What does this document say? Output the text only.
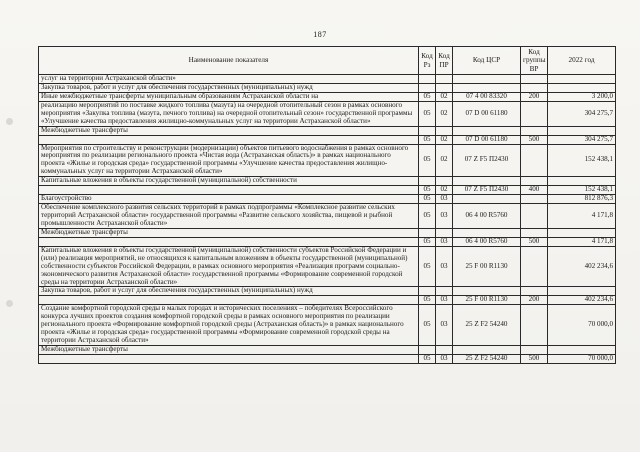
187
Наименование показателя	Код Рз	Код ПР	Код ЦСР	Код группы ВР	2022 год
услуг на территории Астраханской области»					
Закупка товаров, работ и услуг для обеспечения государственных (муниципальных) нужд					
Иные межбюджетные трансферты муниципальным образованиям Астраханской области на	05	02	07 4 00 83320	200	3 200,0
реализацию мероприятий по поставке жидкого топлива (мазута) на очередной отопительный сезон в рамках основного мероприятия «Закупка топлива (мазута, печного топлива) на очередной отопительный сезон» государственной программы «Улучшение качества предоставления жилищно-коммунальных услуг на территории Астраханской области»	05	02	07 D 00 61180		304 275,7
Межбюджетные трансферты					
	05	02	07 D 00 61180	500	304 275,7
Мероприятия по строительству и реконструкции (модернизации) объектов питьевого водоснабжения в рамках основного мероприятия по реализации регионального проекта «Чистая вода (Астраханская область)» в рамках национального проекта «Жилье и городская среда» государственной программы «Улучшение качества предоставления жилищно-коммунальных услуг на территории Астраханской области»	05	02	07 Z F5 П2430		152 438,1
Капитальные вложения в объекты государственной (муниципальной) собственности					
	05	02	07 Z F5 П2430	400	152 438,1
Благоустройство	05	03			812 876,3
Обеспечение комплексного развития сельских территорий в рамках подпрограммы «Комплексное развитие сельских территорий Астраханской области» государственной программы «Развитие сельского хозяйства, пищевой и рыбной промышленности Астраханской области»	05	03	06 4 00 R5760		4 171,8
Межбюджетные трансферты					
	05	03	06 4 00 R5760	500	4 171,8
Капитальные вложения в объекты государственной (муниципальной) собственности субъектов Российской Федерации и (или) реализация мероприятий, не относящихся к капитальным вложениям в объекты государственной (муниципальной) собственности субъектов Российской Федерации, в рамках основного мероприятия «Реализация программ социально-экономического развития Астраханской области» государственной программы «Формирование современной городской среды на территории Астраханской области»	05	03	25 F 00 R1130		402 234,6
Закупка товаров, работ и услуг для обеспечения государственных (муниципальных) нужд					
	05	03	25 F 00 R1130	200	402 234,6
Создание комфортной городской среды в малых городах и исторических поселениях – победителях Всероссийского конкурса лучших проектов создания комфортной городской среды в рамках основного мероприятия по реализации регионального проекта «Формирование комфортной городской среды (Астраханская область)» в рамках национального проекта «Жилье и городская среда» государственной программы «Формирование современной городской среды на территории Астраханской области»	05	03	25 Z F2 54240		70 000,0
Межбюджетные трансферты					
	05	03	25 Z F2 54240	500	70 000,0
